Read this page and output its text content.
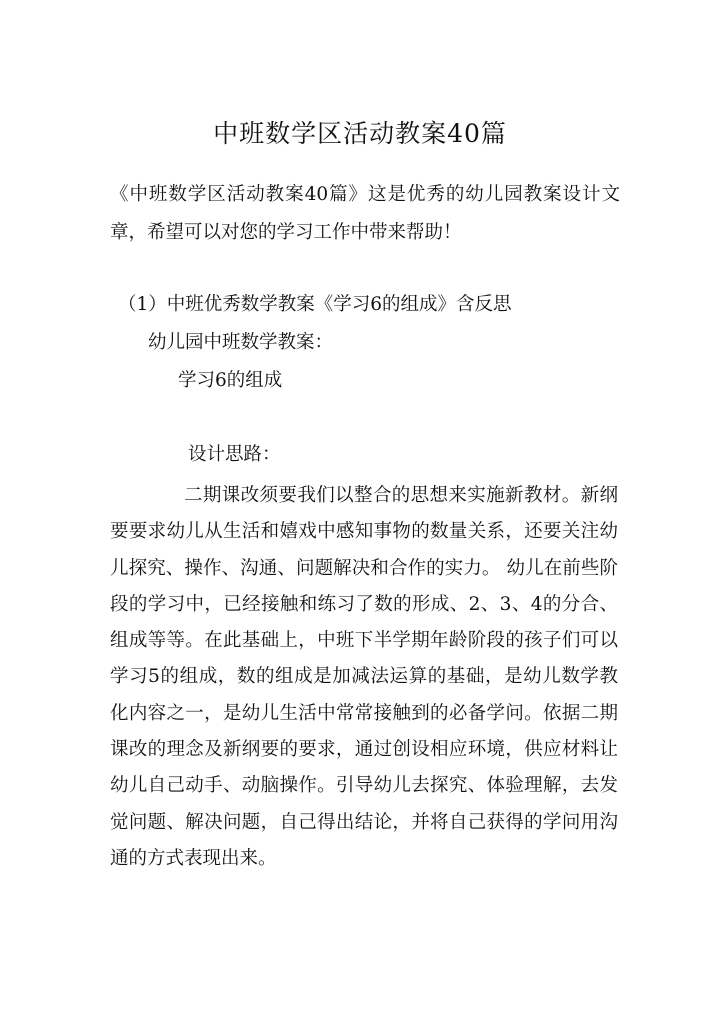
中班数学区活动教案40篇

《中班数学区活动教案40篇》这是优秀的幼儿园教案设计文章，希望可以对您的学习工作中带来帮助！

（1）中班优秀数学教案《学习6的组成》含反思

幼儿园中班数学教案：

学习6的组成

设计思路：

二期课改须要我们以整合的思想来实施新教材。新纲要要求幼儿从生活和嬉戏中感知事物的数量关系，还要关注幼儿探究、操作、沟通、问题解决和合作的实力。 幼儿在前些阶段的学习中，已经接触和练习了数的形成、2、3、4的分合、组成等等。在此基础上，中班下半学期年龄阶段的孩子们可以学习5的组成，数的组成是加减法运算的基础，是幼儿数学教化内容之一，是幼儿生活中常常接触到的必备学问。依据二期课改的理念及新纲要的要求，通过创设相应环境，供应材料让幼儿自己动手、动脑操作。引导幼儿去探究、体验理解，去发觉问题、解决问题，自己得出结论，并将自己获得的学问用沟通的方式表现出来。
